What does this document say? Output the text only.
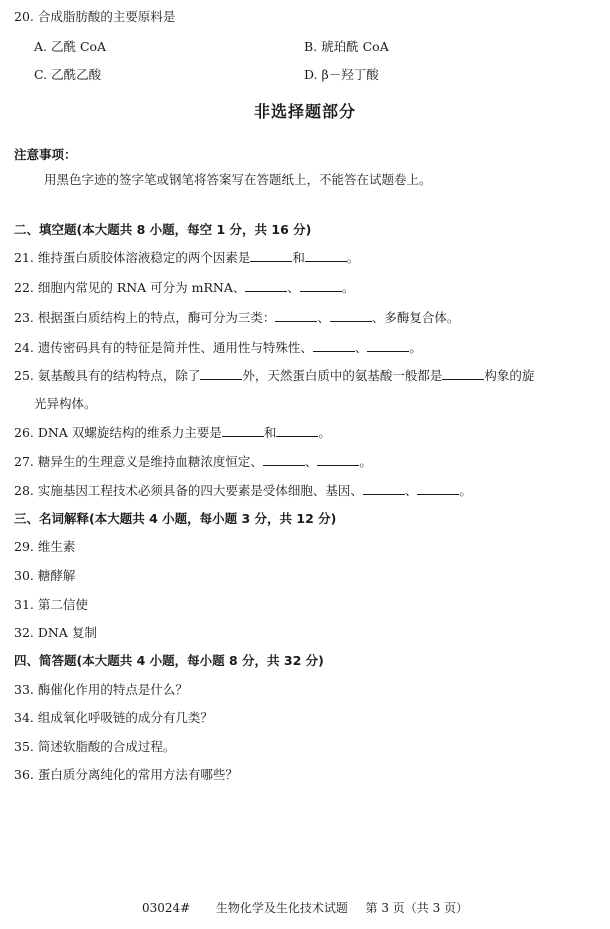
20. 合成脂肪酸的主要原料是
A. 乙酰 CoA	B. 琥珀酰 CoA
C. 乙酰乙酸	D. β－羟丁酸
非选择题部分
注意事项：
用黑色字迹的签字笔或钢笔将答案写在答题纸上，不能答在试题卷上。
二、填空题(本大题共 8 小题，每空 1 分，共 16 分)
21. 维持蛋白质胶体溶液稳定的两个因素是	和	。
22. 细胞内常见的 RNA 可分为 mRNA、	、	。
23. 根据蛋白质结构上的特点，酶可分为三类：	、	、多酶复合体。
24. 遗传密码具有的特征是简并性、通用性与特殊性、	、	。
25. 氨基酸具有的结构特点，除了	外，天然蛋白质中的氨基酸一般都是	构象的旋
光异构体。
26. DNA 双螺旋结构的维系力主要是	和	。
27. 糖异生的生理意义是维持血糖浓度恒定、	、	。
28. 实施基因工程技术必须具备的四大要素是受体细胞、基因、	、	。
三、名词解释(本大题共 4 小题，每小题 3 分，共 12 分)
29. 维生素
30. 糖酵解
31. 第二信使
32. DNA 复制
四、简答题(本大题共 4 小题，每小题 8 分，共 32 分)
33. 酶催化作用的特点是什么？
34. 组成氧化呼吸链的成分有几类？
35. 简述软脂酸的合成过程。
36. 蛋白质分离纯化的常用方法有哪些？
03024# 生物化学及生化技术试题 第 3 页（共 3 页）
